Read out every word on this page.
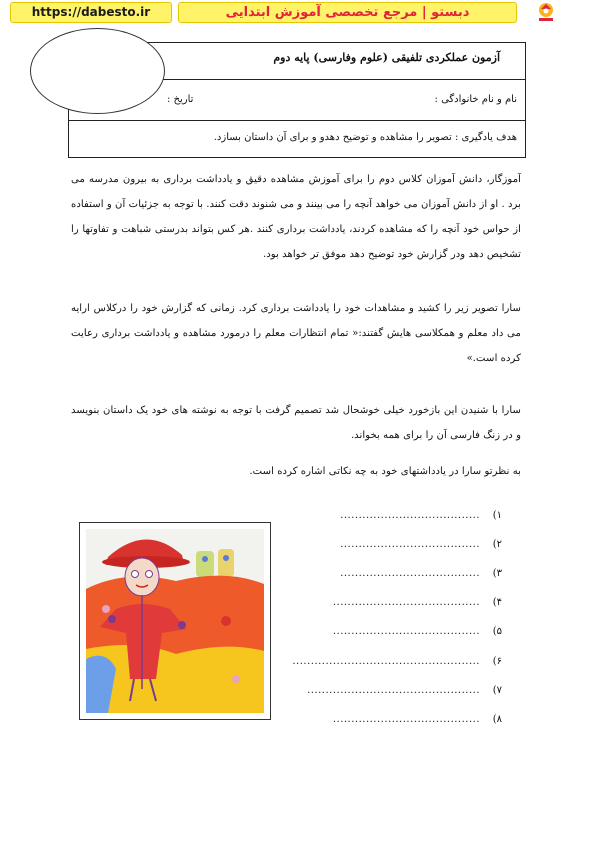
https://dabesto.ir	دبستو | مرجع تخصصی آموزش ابتدایی
آزمون عملکردی تلفیقی (علوم وفارسی) پایه دوم
نام و نام خانوادگی :
تاریخ :
هدف یادگیری : تصویر را مشاهده و توضیح دهدو و برای آن داستان بسازد.
آموزگار، دانش آموزان کلاس دوم را برای آموزش مشاهده دقیق و یادداشت برداری به بیرون مدرسه می برد . او از دانش آموزان می خواهد آنچه را می بینند و می شنوند دقت کنند. با توجه به جزئیات آن و استفاده از حواس خود آنچه را که مشاهده کردند، یادداشت برداری کنند .هر کس بتواند بدرستی شباهت و تفاوتها را تشخیص دهد ودر گزارش خود توضیح دهد موفق تر خواهد بود.
سارا تصویر زیر را کشید و مشاهدات خود را یادداشت برداری کرد. زمانی که گزارش خود را درکلاس ارایه می داد معلم و همکلاسی هایش گفتند:« تمام انتظارات معلم را درمورد مشاهده و یادداشت برداری رعایت کرده است.»
سارا با شنیدن این بازخورد خیلی خوشحال شد تصمیم گرفت با توجه به نوشته های خود یک داستان بنویسد و در زنگ فارسی آن را برای همه بخواند.
به نظرتو سارا در یادداشتهای خود به چه نکاتی اشاره کرده است.
۱)......................................
۲)......................................
۳)......................................
۴)........................................
۵)........................................
۶)...................................................
۷)...............................................
۸)........................................
